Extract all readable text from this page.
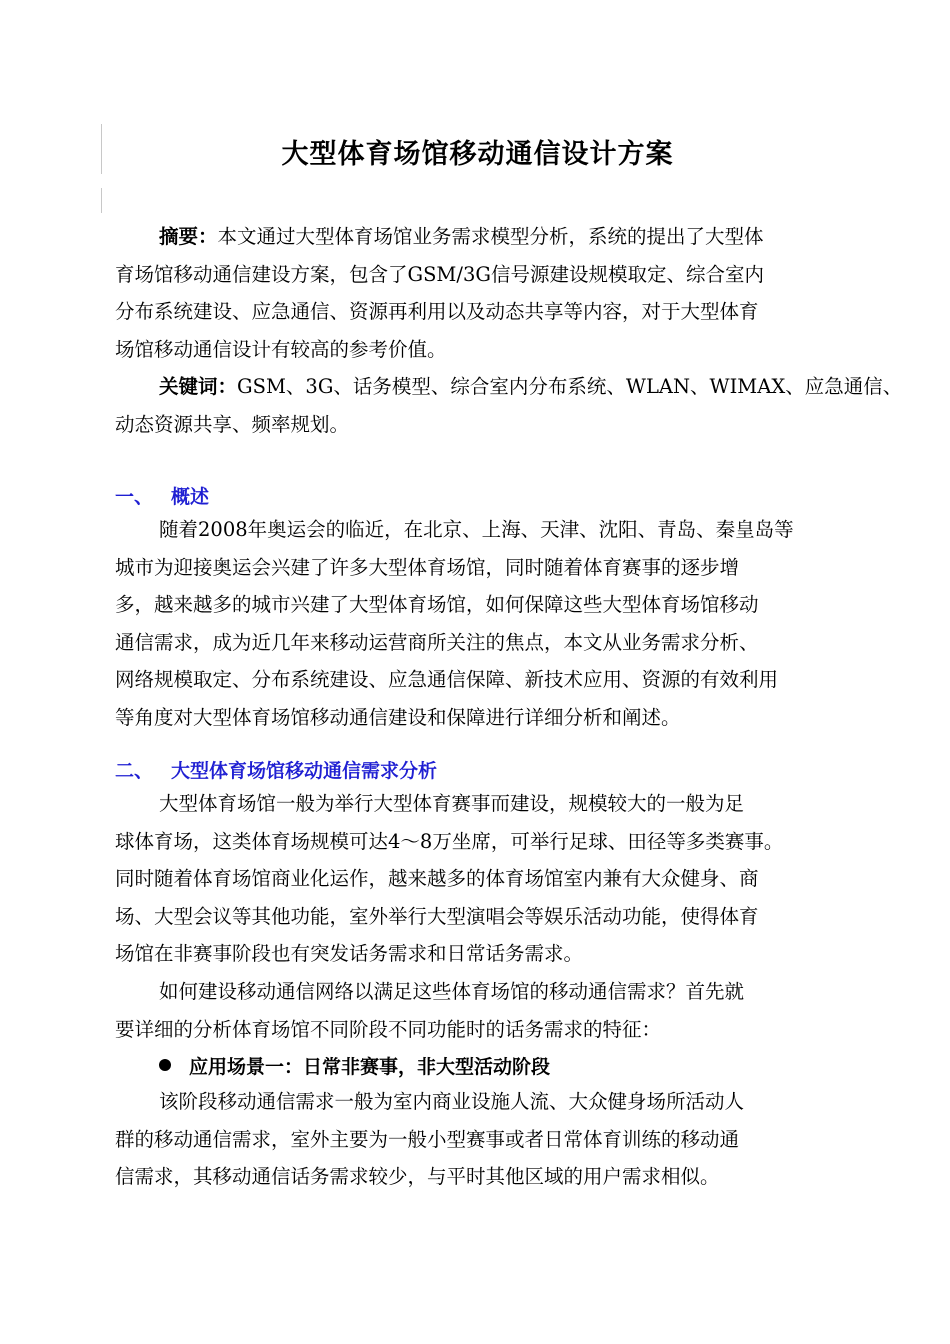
大型体育场馆移动通信设计方案
摘要：本文通过大型体育场馆业务需求模型分析，系统的提出了大型体
育场馆移动通信建设方案，包含了GSM/3G信号源建设规模取定、综合室内
分布系统建设、应急通信、资源再利用以及动态共享等内容，对于大型体育
场馆移动通信设计有较高的参考价值。
关键词：GSM、3G、话务模型、综合室内分布系统、WLAN、WIMAX、应急通信、
动态资源共享、频率规划。
一、 概述
随着2008年奥运会的临近，在北京、上海、天津、沈阳、青岛、秦皇岛等
城市为迎接奥运会兴建了许多大型体育场馆，同时随着体育赛事的逐步增
多，越来越多的城市兴建了大型体育场馆，如何保障这些大型体育场馆移动
通信需求，成为近几年来移动运营商所关注的焦点，本文从业务需求分析、
网络规模取定、分布系统建设、应急通信保障、新技术应用、资源的有效利用
等角度对大型体育场馆移动通信建设和保障进行详细分析和阐述。
二、 大型体育场馆移动通信需求分析
大型体育场馆一般为举行大型体育赛事而建设，规模较大的一般为足
球体育场，这类体育场规模可达4～8万坐席，可举行足球、田径等多类赛事。
同时随着体育场馆商业化运作，越来越多的体育场馆室内兼有大众健身、商
场、大型会议等其他功能，室外举行大型演唱会等娱乐活动功能，使得体育
场馆在非赛事阶段也有突发话务需求和日常话务需求。
如何建设移动通信网络以满足这些体育场馆的移动通信需求？首先就
要详细的分析体育场馆不同阶段不同功能时的话务需求的特征：
应用场景一：日常非赛事，非大型活动阶段
该阶段移动通信需求一般为室内商业设施人流、大众健身场所活动人
群的移动通信需求，室外主要为一般小型赛事或者日常体育训练的移动通
信需求，其移动通信话务需求较少，与平时其他区域的用户需求相似。
